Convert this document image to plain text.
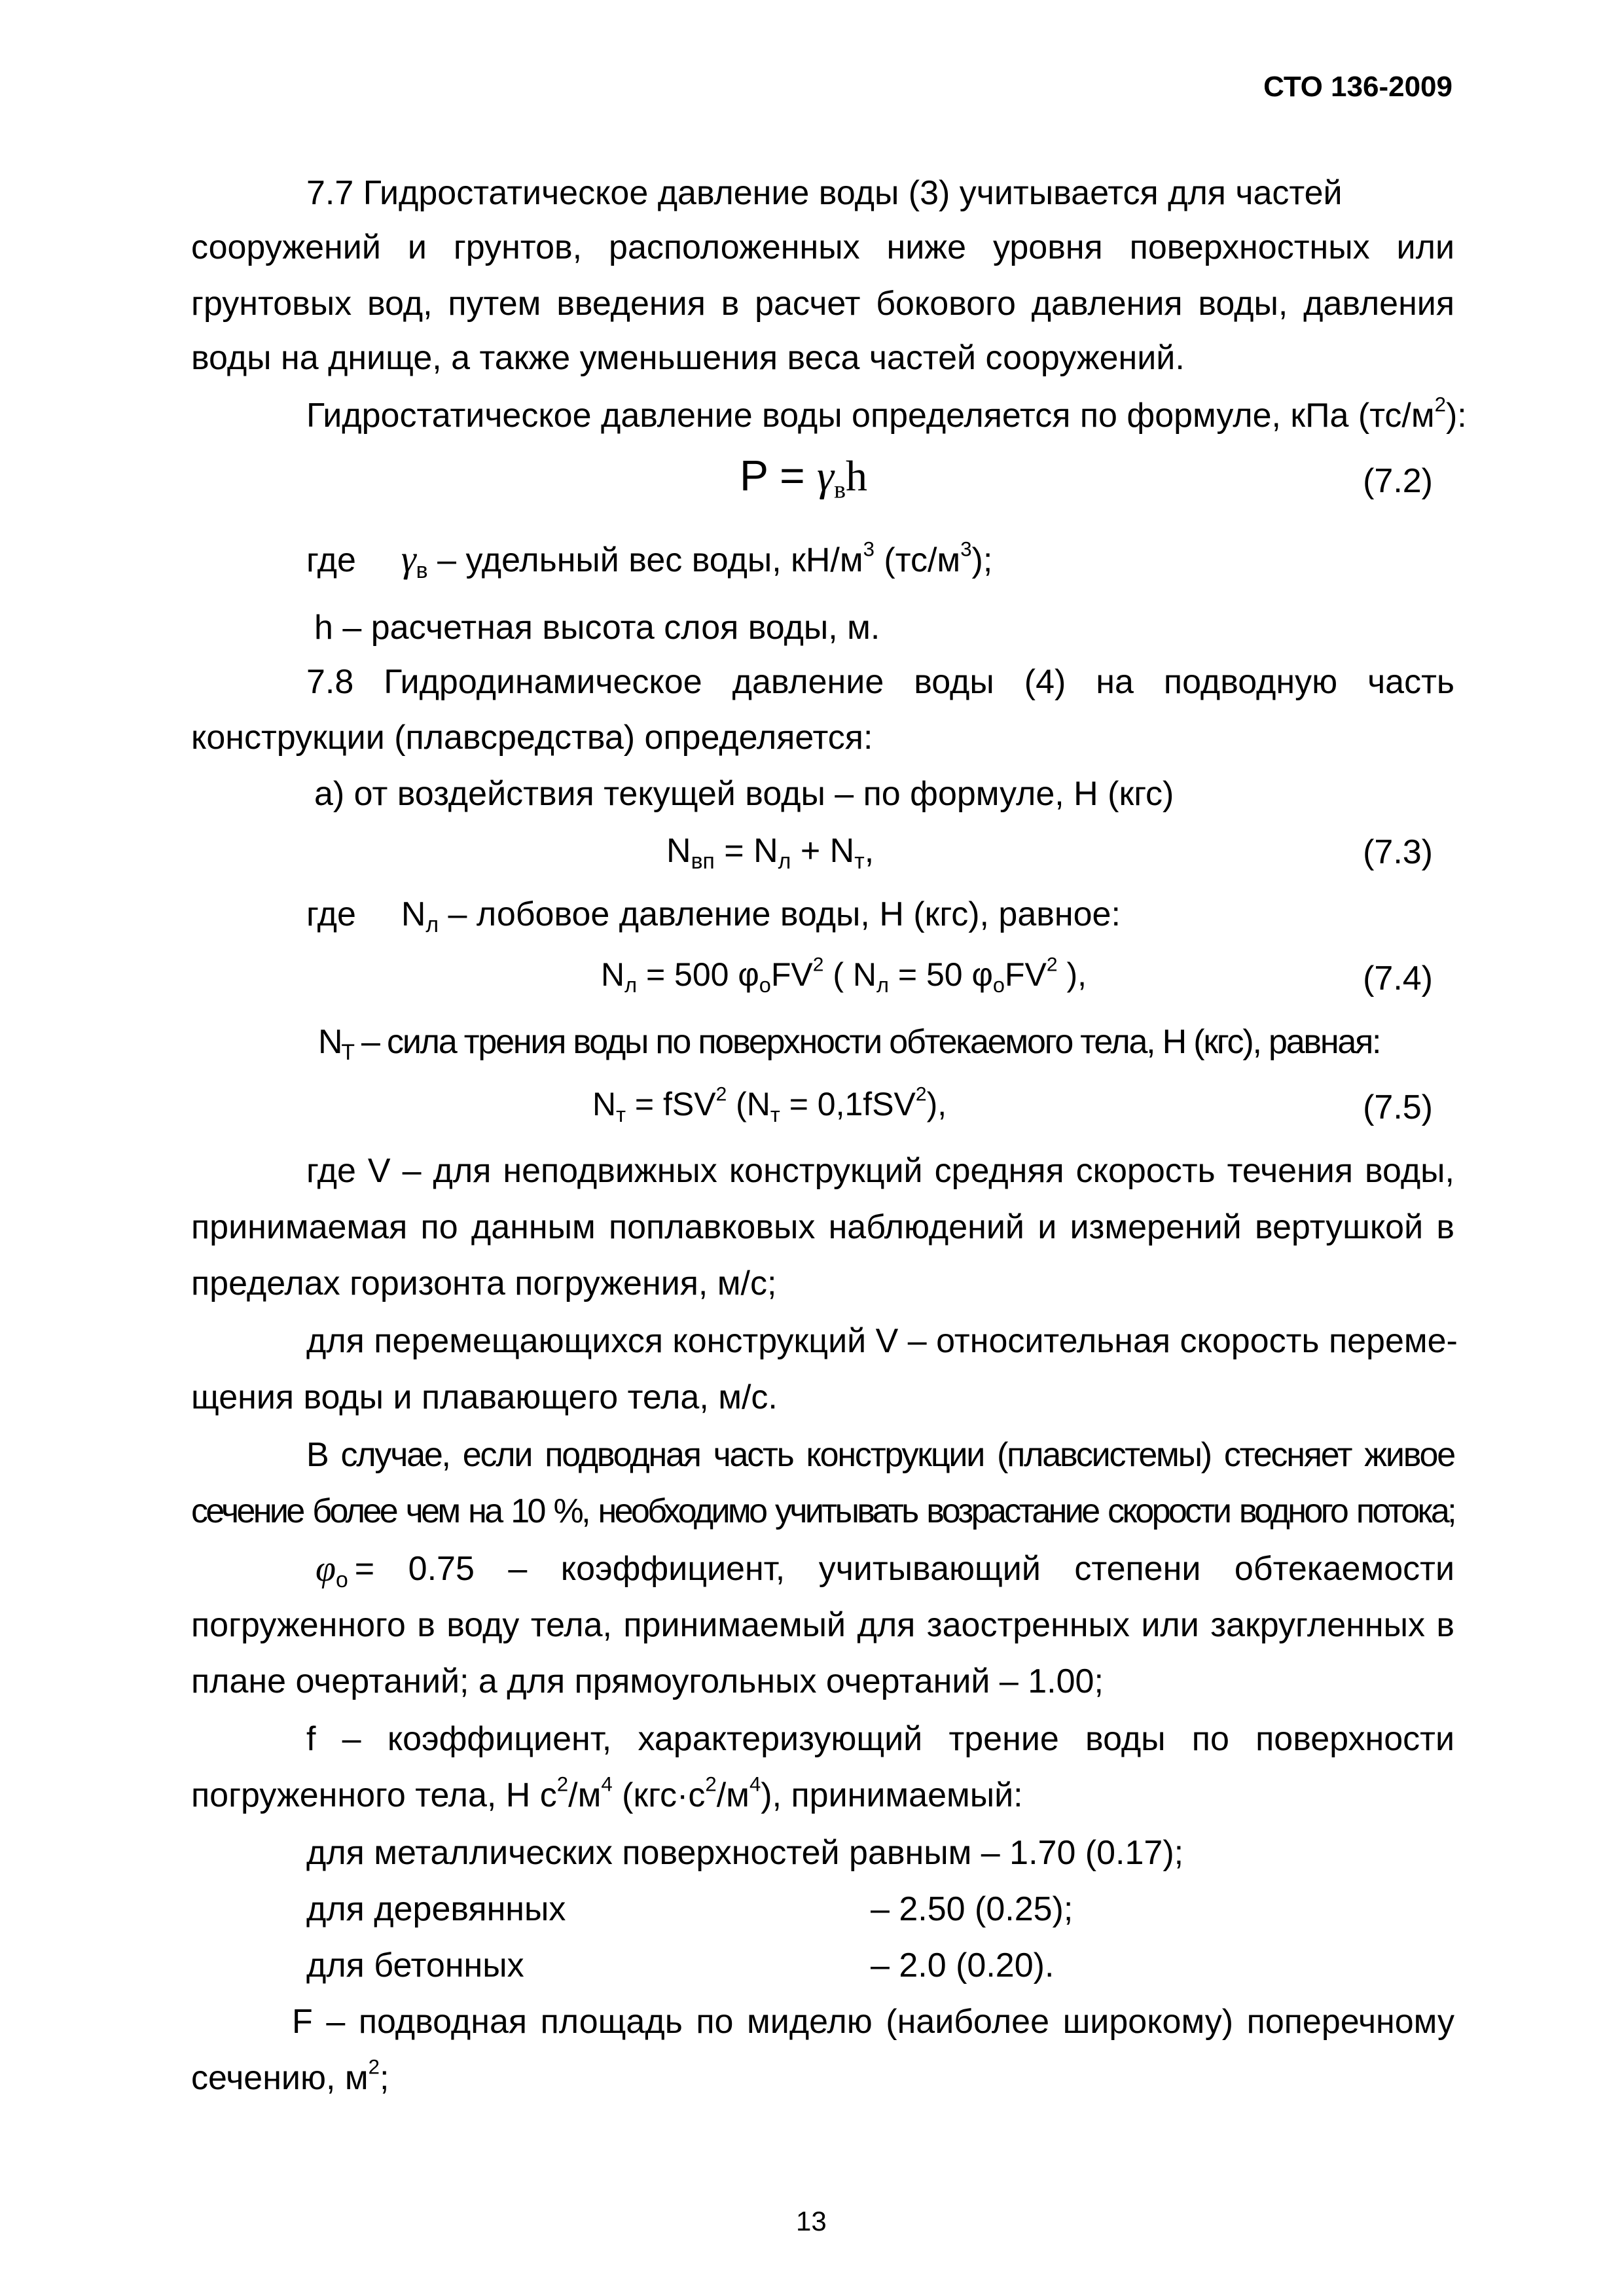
СТО 136-2009
7.7 Гидростатическое давление воды (3) учитывается для частей
сооружений и грунтов, расположенных ниже уровня поверхностных или
грунтовых вод, путем введения в расчет бокового давления воды, давления
воды на днище, а также уменьшения веса частей сооружений.
Гидростатическое давление воды определяется по формуле, кПа $(тс/м^2)$:
$P = \gamma_вh$	(7.2)
где $\gamma_в$ – удельный вес воды, $кН/м^3$ $(тс/м^3)$;
h – расчетная высота слоя воды, м.
7.8 Гидродинамическое давление воды (4) на подводную часть
конструкции (плавсредства) определяется:
а) от воздействия текущей воды – по формуле, Н (кгс)
$N_{вп} = N_л + N_т$,	(7.3)
где $N_л$ – лобовое давление воды, Н (кгс), равное:
$N_л = 500$ $\varphi_оFV^2$ ( $N_л = 50$ $\varphi_оFV^2$ ),	(7.4)
$N_Т$ – сила трения воды по поверхности обтекаемого тела, Н (кгс), равная:
$N_т = fSV^2$ $(N_т = 0,1fSV^2)$,	(7.5)
где V – для неподвижных конструкций средняя скорость течения воды,
принимаемая по данным поплавковых наблюдений и измерений вертушкой в
пределах горизонта погружения, м/с;
для перемещающихся конструкций V – относительная скорость переме-
щения воды и плавающего тела, м/с.
В случае, если подводная часть конструкции (плавсистемы) стесняет живое
сечение более чем на 10 %, необходимо учитывать возрастание скорости водного потока;
$\varphi_о = 0.75$ – коэффициент, учитывающий степени обтекаемости
погруженного в воду тела, принимаемый для заостренных или закругленных в
плане очертаний; а для прямоугольных очертаний – 1.00;
f – коэффициент, характеризующий трение воды по поверхности
погруженного тела, Н $с^2/м^4$ $(кгс\cdot с^2/м^4)$, принимаемый:
для металлических поверхностей равным – 1.70 (0.17);
для деревянных	– 2.50 (0.25);
для бетонных	– 2.0 (0.20).
F – подводная площадь по миделю (наиболее широкому) поперечному
сечению, $м^2$;
13
